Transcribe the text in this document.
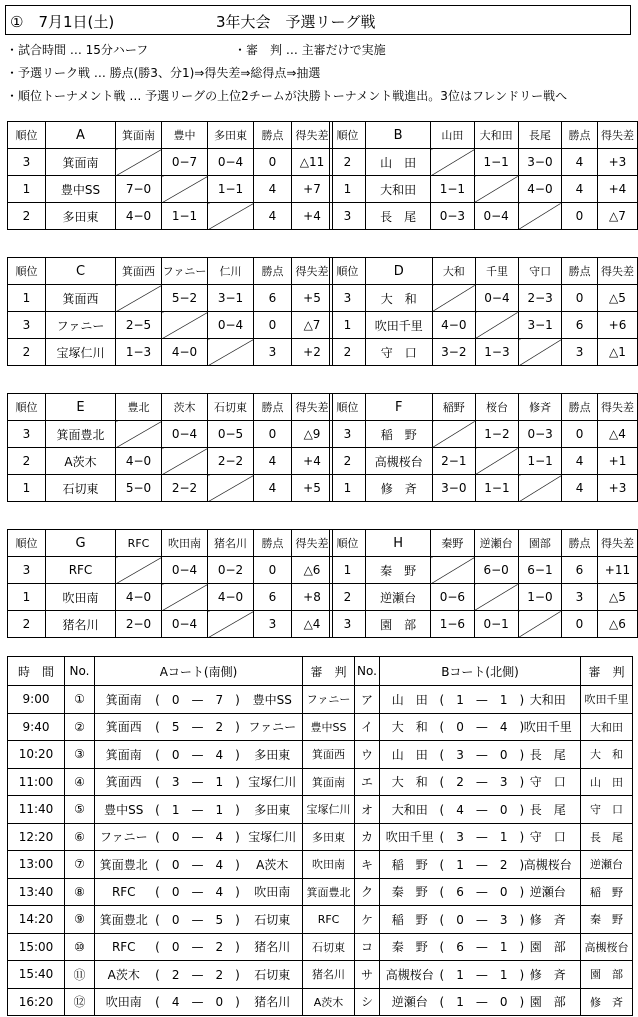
①　7月1日(土)	3年大会　予選リーグ戦
・試合時間 … 15分ハーフ	・審　判 … 主審だけで実施
・予選リーク戦 … 勝点(勝3、分1)⇒得失差⇒総得点⇒抽選
・順位トーナメント戦 … 予選リーグの上位2チームが決勝トーナメント戦進出。3位はフレンドリー戦へ
順位	A	箕面南	豊中	多田東	勝点	得失差
3	箕面南		0−7	0−4	0	△11
1	豊中SS	7−0		1−1	4	+7
2	多田東	4−0	1−1		4	+4
順位	B	山田	大和田	長尾	勝点	得失差
2	山　田		1−1	3−0	4	+3
1	大和田	1−1		4−0	4	+4
3	長　尾	0−3	0−4		0	△7
順位	C	箕面西	ファニー	仁川	勝点	得失差
1	箕面西		5−2	3−1	6	+5
3	ファニー	2−5		0−4	0	△7
2	宝塚仁川	1−3	4−0		3	+2
順位	D	大和	千里	守口	勝点	得失差
3	大　和		0−4	2−3	0	△5
1	吹田千里	4−0		3−1	6	+6
2	守　口	3−2	1−3		3	△1
順位	E	豊北	茨木	石切東	勝点	得失差
3	箕面豊北		0−4	0−5	0	△9
2	A茨木	4−0		2−2	4	+4
1	石切東	5−0	2−2		4	+5
順位	F	稲野	桜台	修斉	勝点	得失差
3	稲　野		1−2	0−3	0	△4
2	高槻桜台	2−1		1−1	4	+1
1	修　斉	3−0	1−1		4	+3
順位	G	RFC	吹田南	猪名川	勝点	得失差
3	RFC		0−4	0−2	0	△6
1	吹田南	4−0		4−0	6	+8
2	猪名川	2−0	0−4		3	△4
順位	H	秦野	逆瀬台	園部	勝点	得失差
1	秦　野		6−0	6−1	6	+11
2	逆瀬台	0−6		1−0	3	△5
3	園　部	1−6	0−1		0	△6
時　間	No.	Aコート(南側)			審　判	No.	Bコート(北側)			審　判
9:00	①	箕面南	(　0　—　7　)	豊中SS	ファニー	ア	山　田	(　1　—　1　)	大和田	吹田千里
9:40	②	箕面西	(　5　—　2　)	ファニー	豊中SS	イ	大　和	(　0　—　4　)	吹田千里	大和田
10:20	③	箕面南	(　0　—　4　)	多田東	箕面西	ウ	山　田	(　3　—　0　)	長　尾	大　和
11:00	④	箕面西	(　3　—　1　)	宝塚仁川	箕面南	エ	大　和	(　2　—　3　)	守　口	山　田
11:40	⑤	豊中SS	(　1　—　1　)	多田東	宝塚仁川	オ	大和田	(　4　—　0　)	長　尾	守　口
12:20	⑥	ファニー	(　0　—　4　)	宝塚仁川	多田東	カ	吹田千里	(　3　—　1　)	守　口	長　尾
13:00	⑦	箕面豊北	(　0　—　4　)	A茨木	吹田南	キ	稲　野	(　1　—　2　)	高槻桜台	逆瀬台
13:40	⑧	RFC	(　0　—　4　)	吹田南	箕面豊北	ク	秦　野	(　6　—　0　)	逆瀬台	稲　野
14:20	⑨	箕面豊北	(　0　—　5　)	石切東	RFC	ケ	稲　野	(　0　—　3　)	修　斉	秦　野
15:00	⑩	RFC	(　0　—　2　)	猪名川	石切東	コ	秦　野	(　6　—　1　)	園　部	高槻桜台
15:40	⑪	A茨木	(　2　—　2　)	石切東	猪名川	サ	高槻桜台	(　1　—　1　)	修　斉	園　部
16:20	⑫	吹田南	(　4　—　0　)	猪名川	A茨木	シ	逆瀬台	(　1　—　0　)	園　部	修　斉
